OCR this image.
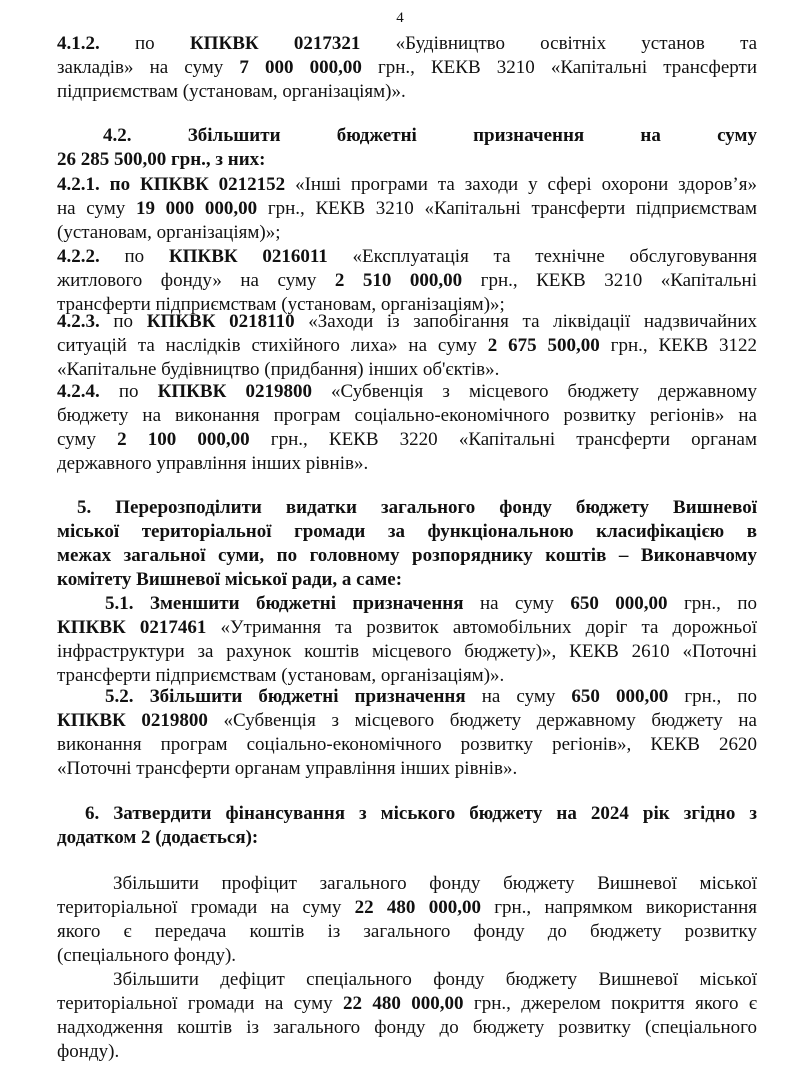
4
4.1.2. по КПКВК 0217321 «Будівництво освітніх установ та
закладів» на суму 7 000 000,00 грн., КЕКВ 3210 «Капітальні трансферти
підприємствам (установам, організаціям)».
4.2. Збільшити бюджетні призначення на	суму
26 285 500,00 грн., з них:
4.2.1. по КПКВК 0212152 «Інші програми та заходи у сфері охорони здоров’я»
на суму 19 000 000,00 грн., КЕКВ 3210 «Капітальні трансферти підприємствам
(установам, організаціям)»;
4.2.2. по КПКВК 0216011 «Експлуатація та технічне обслуговування
житлового фонду» на суму 2 510 000,00 грн., КЕКВ 3210 «Капітальні
трансферти підприємствам (установам, організаціям)»;
4.2.3. по КПКВК 0218110 «Заходи із запобігання та ліквідації надзвичайних
ситуацій та наслідків стихійного лиха» на суму 2 675 500,00 грн., КЕКВ 3122
«Капітальне будівництво (придбання) інших об'єктів».
4.2.4. по КПКВК 0219800 «Субвенція з місцевого бюджету державному
бюджету на виконання програм соціально-економічного розвитку регіонів» на
суму 2 100 000,00 грн., КЕКВ 3220 «Капітальні трансферти органам
державного управління інших рівнів».
5. Перерозподілити видатки загального фонду бюджету Вишневої
міської територіальної громади за функціональною класифікацією в
межах загальної суми, по головному розпоряднику коштів – Виконавчому
комітету Вишневої міської ради, а саме:
5.1. Зменшити бюджетні призначення на суму 650 000,00 грн., по
КПКВК 0217461 «Утримання та розвиток автомобільних доріг та дорожньої
інфраструктури за рахунок коштів місцевого бюджету)», КЕКВ 2610 «Поточні
трансферти підприємствам (установам, організаціям)».
5.2. Збільшити бюджетні призначення на суму 650 000,00 грн., по
КПКВК 0219800 «Субвенція з місцевого бюджету державному бюджету на
виконання програм соціально-економічного розвитку регіонів», КЕКВ 2620
«Поточні трансферти органам управління інших рівнів».
6. Затвердити фінансування з міського бюджету на 2024 рік згідно з
додатком 2 (додається):
Збільшити профіцит загального фонду бюджету Вишневої міської
територіальної громади на суму 22 480 000,00 грн., напрямком використання
якого є передача коштів із загального фонду до бюджету розвитку
(спеціального фонду).
Збільшити дефіцит спеціального фонду бюджету Вишневої міської
територіальної громади на суму 22 480 000,00 грн., джерелом покриття якого є
надходження коштів із загального фонду до бюджету розвитку (спеціального
фонду).
